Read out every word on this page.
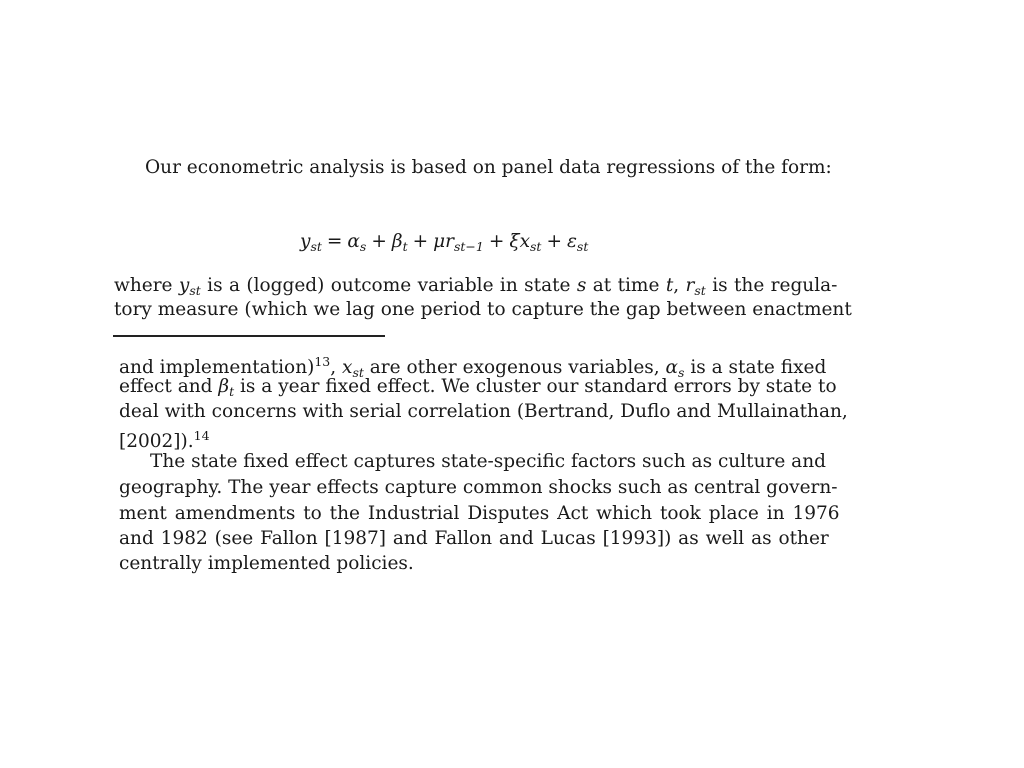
Our econometric analysis is based on panel data regressions of the form:
$y_{st} = \alpha_s + \beta_t + \mu r_{st-1} + \xi x_{st} + \varepsilon_{st}$
where $y_{st}$ is a (logged) outcome variable in state s at time t, $r_{st}$ is the regula-
tory measure (which we lag one period to capture the gap between enactment
and implementation)$^{13}$, $x_{st}$ are other exogenous variables, $\alpha_s$ is a state fixed
effect and $\beta_t$ is a year fixed effect. We cluster our standard errors by state to
deal with concerns with serial correlation (Bertrand, Duflo and Mullainathan,
[2002]).$^{14}$
The state fixed effect captures state-specific factors such as culture and
geography. The year effects capture common shocks such as central govern-
ment amendments to the Industrial Disputes Act which took place in 1976
and 1982 (see Fallon [1987] and Fallon and Lucas [1993]) as well as other
centrally implemented policies.
